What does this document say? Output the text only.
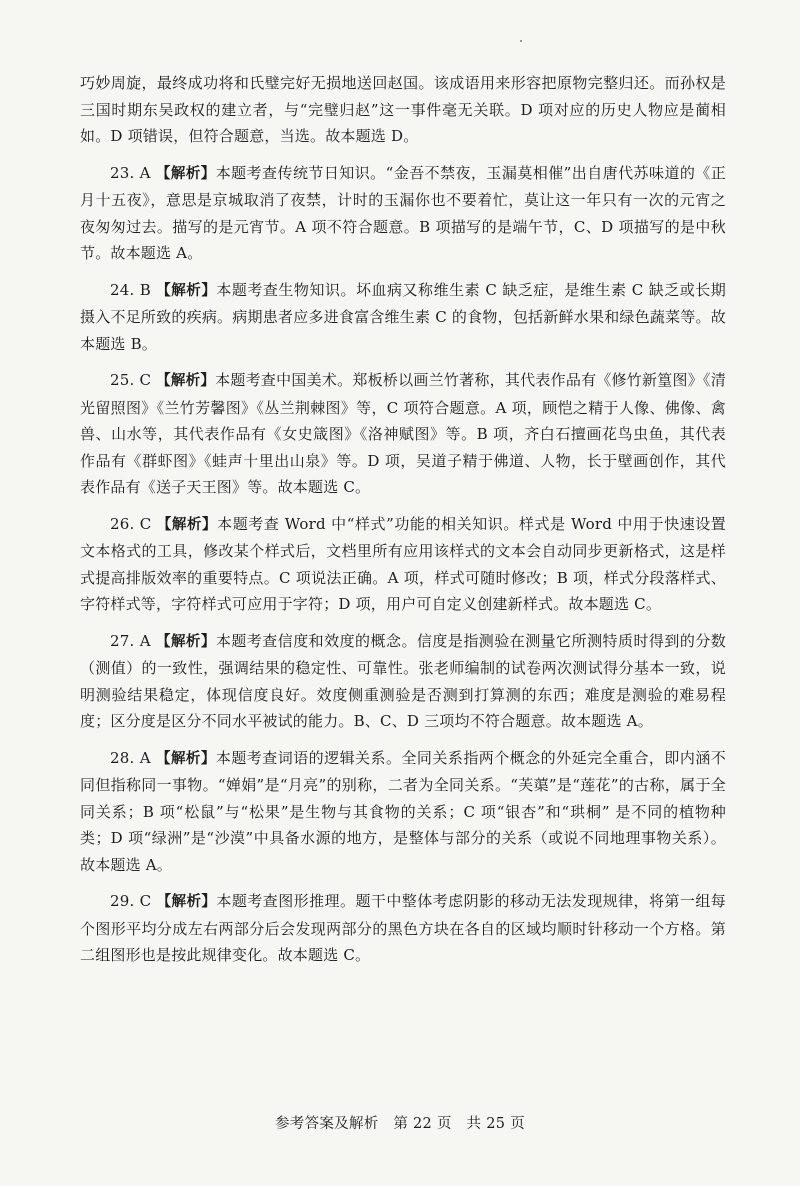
巧妙周旋，最终成功将和氏璧完好无损地送回赵国。该成语用来形容把原物完整归还。而孙权是三国时期东吴政权的建立者，与“完璧归赵”这一事件毫无关联。D 项对应的历史人物应是蔺相如。D 项错误，但符合题意，当选。故本题选 D。

23. A 【解析】本题考查传统节日知识。“金吾不禁夜，玉漏莫相催”出自唐代苏味道的《正月十五夜》，意思是京城取消了夜禁，计时的玉漏你也不要着忙，莫让这一年只有一次的元宵之夜匆匆过去。描写的是元宵节。A 项不符合题意。B 项描写的是端午节，C、D 项描写的是中秋节。故本题选 A。

24. B 【解析】本题考查生物知识。坏血病又称维生素 C 缺乏症，是维生素 C 缺乏或长期摄入不足所致的疾病。病期患者应多进食富含维生素 C 的食物，包括新鲜水果和绿色蔬菜等。故本题选 B。

25. C 【解析】本题考查中国美术。郑板桥以画兰竹著称，其代表作品有《修竹新篁图》《清光留照图》《兰竹芳馨图》《丛兰荆棘图》等，C 项符合题意。A 项，顾恺之精于人像、佛像、禽兽、山水等，其代表作品有《女史箴图》《洛神赋图》等。B 项，齐白石擅画花鸟虫鱼，其代表作品有《群虾图》《蛙声十里出山泉》等。D 项，吴道子精于佛道、人物，长于壁画创作，其代表作品有《送子天王图》等。故本题选 C。

26. C 【解析】本题考查 Word 中“样式”功能的相关知识。样式是 Word 中用于快速设置文本格式的工具，修改某个样式后，文档里所有应用该样式的文本会自动同步更新格式，这是样式提高排版效率的重要特点。C 项说法正确。A 项，样式可随时修改；B 项，样式分段落样式、字符样式等，字符样式可应用于字符；D 项，用户可自定义创建新样式。故本题选 C。

27. A 【解析】本题考查信度和效度的概念。信度是指测验在测量它所测特质时得到的分数（测值）的一致性，强调结果的稳定性、可靠性。张老师编制的试卷两次测试得分基本一致，说明测验结果稳定，体现信度良好。效度侧重测验是否测到打算测的东西；难度是测验的难易程度；区分度是区分不同水平被试的能力。B、C、D 三项均不符合题意。故本题选 A。

28. A 【解析】本题考查词语的逻辑关系。全同关系指两个概念的外延完全重合，即内涵不同但指称同一事物。“婵娟”是“月亮”的别称，二者为全同关系。“芙蕖”是“莲花”的古称，属于全同关系；B 项“松鼠”与“松果”是生物与其食物的关系；C 项“银杏”和“珙桐” 是不同的植物种类；D 项“绿洲”是“沙漠”中具备水源的地方，是整体与部分的关系（或说不同地理事物关系）。故本题选 A。

29. C 【解析】本题考查图形推理。题干中整体考虑阴影的移动无法发现规律，将第一组每个图形平均分成左右两部分后会发现两部分的黑色方块在各自的区域均顺时针移动一个方格。第二组图形也是按此规律变化。故本题选 C。

参考答案及解析 第 22 页 共 25 页
